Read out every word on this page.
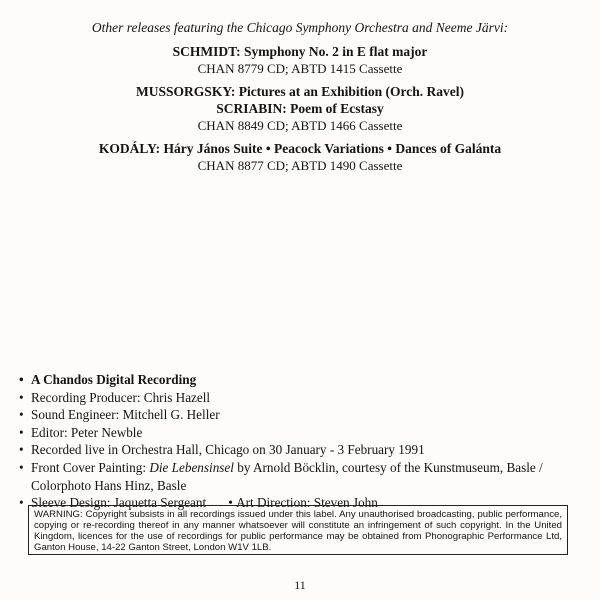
Other releases featuring the Chicago Symphony Orchestra and Neeme Järvi:
SCHMIDT: Symphony No. 2 in E flat major
CHAN 8779 CD; ABTD 1415 Cassette
MUSSORGSKY: Pictures at an Exhibition (Orch. Ravel)
SCRIABIN: Poem of Ecstasy
CHAN 8849 CD; ABTD 1466 Cassette
KODÁLY: Háry János Suite • Peacock Variations • Dances of Galánta
CHAN 8877 CD; ABTD 1490 Cassette
• A Chandos Digital Recording
• Recording Producer: Chris Hazell
• Sound Engineer: Mitchell G. Heller
• Editor: Peter Newble
• Recorded live in Orchestra Hall, Chicago on 30 January - 3 February 1991
• Front Cover Painting: Die Lebensinsel by Arnold Böcklin, courtesy of the Kunstmuseum, Basle /
Colorphoto Hans Hinz, Basle
• Sleeve Design: Jaquetta Sergeant • Art Direction: Steven John
WARNING: Copyright subsists in all recordings issued under this label. Any unauthorised broadcasting, public performance, copying or re-recording thereof in any manner whatsoever will constitute an infringement of such copyright. In the United Kingdom, licences for the use of recordings for public performance may be obtained from Phonographic Performance Ltd, Ganton House, 14-22 Ganton Street, London W1V 1LB.
11
